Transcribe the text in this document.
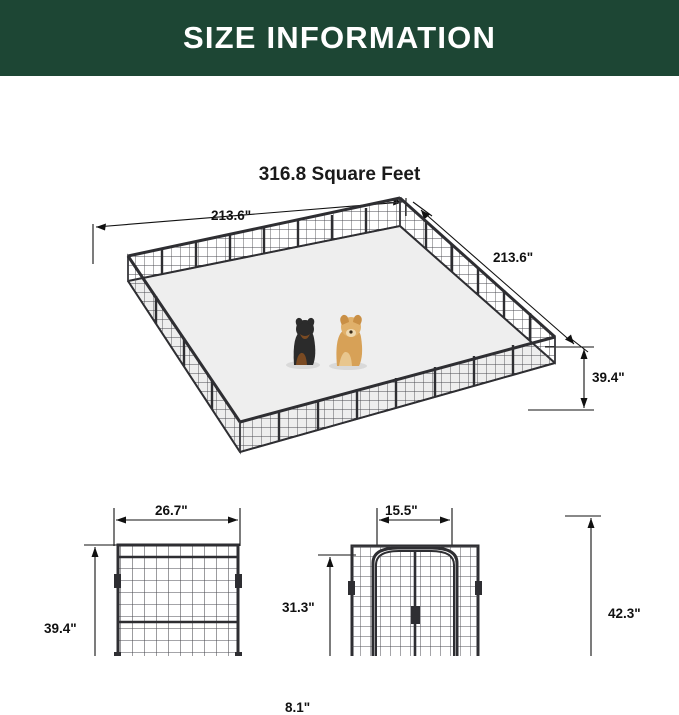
SIZE INFORMATION
316.8 Square Feet
213.6"
213.6"
39.4"
26.7"
39.4"
15.5"
31.3"
8.1"
42.3"
